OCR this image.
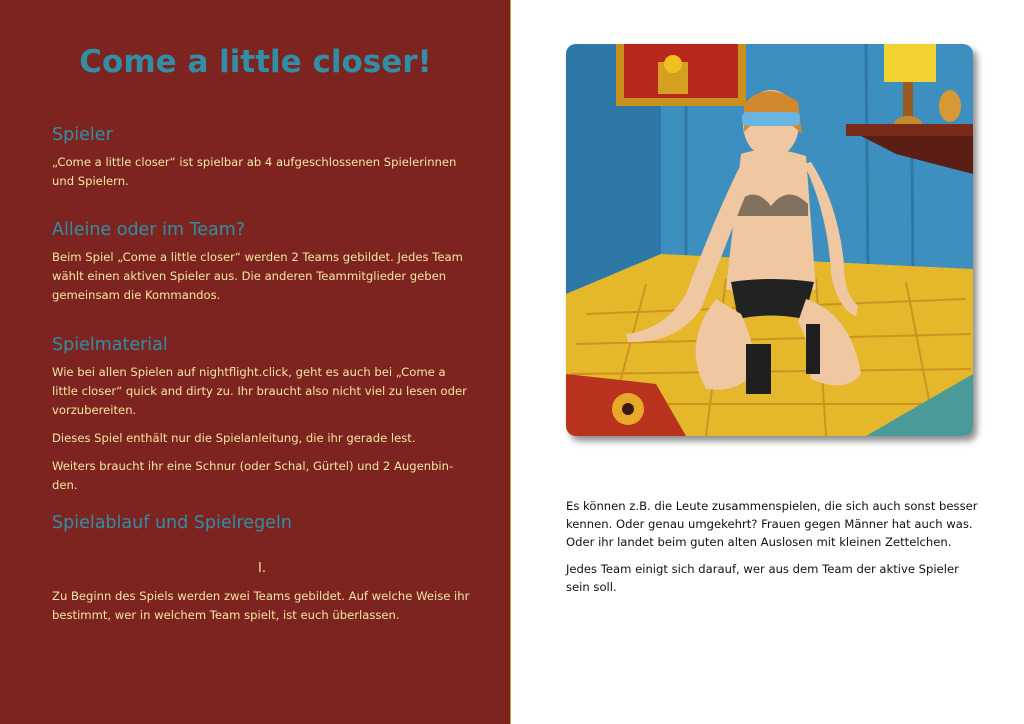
Come a little closer!
Spieler

„Come a little closer“ ist spielbar ab 4 aufgeschlossenen Spielerinnen und Spielern.

Alleine oder im Team?

Beim Spiel „Come a little closer“ werden 2 Teams gebildet. Jedes Team wählt einen aktiven Spieler aus. Die anderen Teammitglieder geben gemeinsam die Kommandos.

Spielmaterial

Wie bei allen Spielen auf nightflight.click, geht es auch bei „Come a little closer“ quick and dirty zu. Ihr braucht also nicht viel zu lesen oder vorzubereiten.

Dieses Spiel enthält nur die Spielanleitung, die ihr gerade lest.

Weiters braucht ihr eine Schnur (oder Schal, Gürtel) und 2 Augenbin-den.

Spielablauf und Spielregeln

I.

Zu Beginn des Spiels werden zwei Teams gebildet. Auf welche Weise ihr bestimmt, wer in welchem Team spielt, ist euch überlassen.

Es können z.B. die Leute zusammenspielen, die sich auch sonst besser kennen. Oder genau umgekehrt? Frauen gegen Männer hat auch was. Oder ihr landet beim guten alten Auslosen mit kleinen Zettelchen.

Jedes Team einigt sich darauf, wer aus dem Team der aktive Spieler sein soll.
